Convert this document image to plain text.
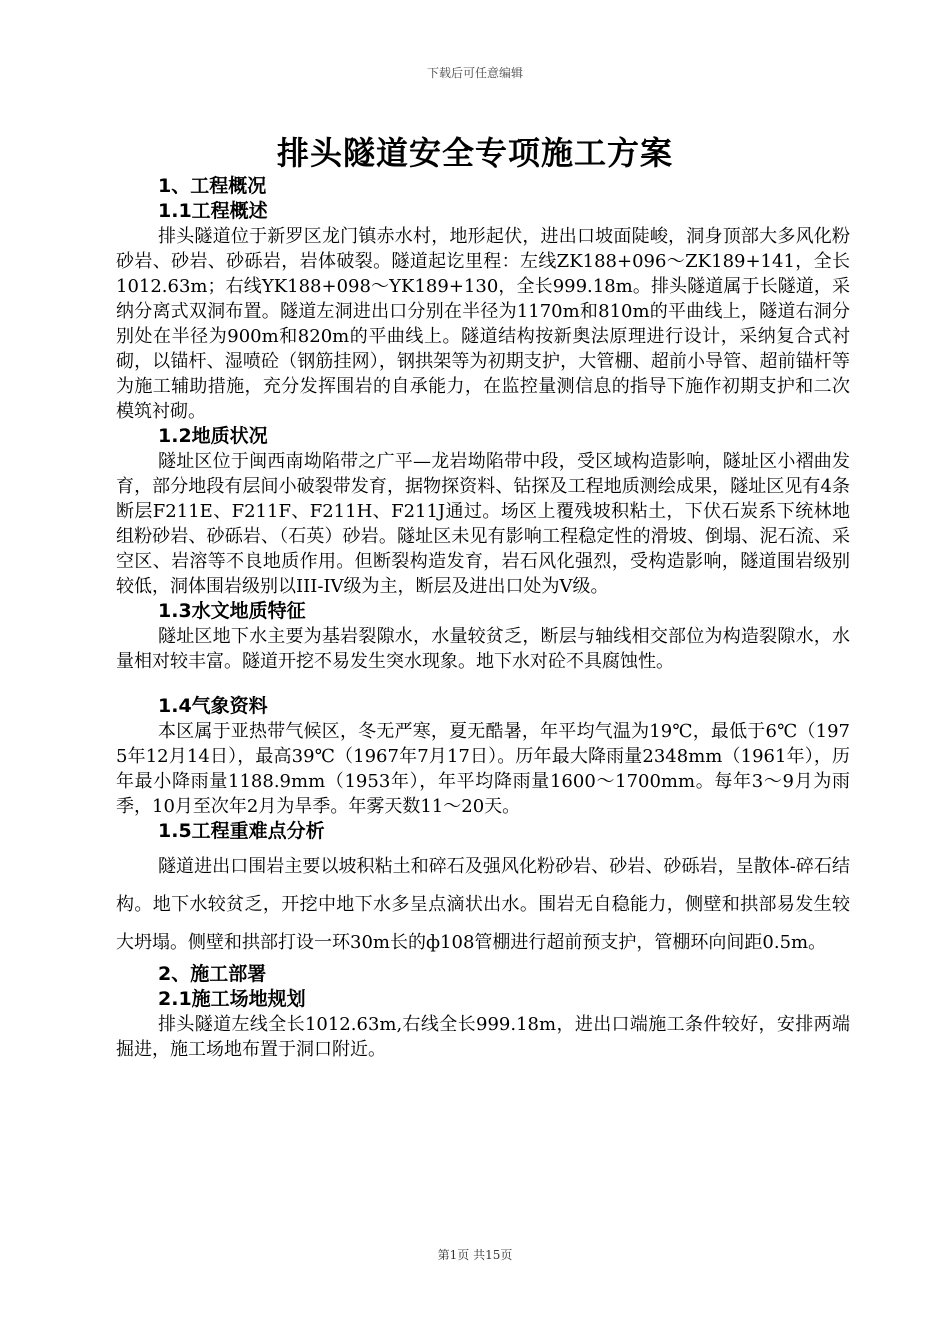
下载后可任意编辑
排头隧道安全专项施工方案

1、工程概况

1.1工程概述

排头隧道位于新罗区龙门镇赤水村，地形起伏，进出口坡面陡峻，洞身顶部大多风化粉砂岩、砂岩、砂砾岩，岩体破裂。隧道起讫里程：左线ZK188+096～ZK189+141，全长1012.63m；右线YK188+098～YK189+130，全长999.18m。排头隧道属于长隧道，采纳分离式双洞布置。隧道左洞进出口分别在半径为1170m和810m的平曲线上，隧道右洞分别处在半径为900m和820m的平曲线上。隧道结构按新奥法原理进行设计，采纳复合式衬砌，以锚杆、湿喷砼（钢筋挂网），钢拱架等为初期支护，大管棚、超前小导管、超前锚杆等为施工辅助措施，充分发挥围岩的自承能力，在监控量测信息的指导下施作初期支护和二次模筑衬砌。

1.2地质状况

隧址区位于闽西南坳陷带之广平—龙岩坳陷带中段，受区域构造影响，隧址区小褶曲发育，部分地段有层间小破裂带发育，据物探资料、钻探及工程地质测绘成果，隧址区见有4条断层F211E、F211F、F211H、F211J通过。场区上覆残坡积粘土，下伏石炭系下统林地组粉砂岩、砂砾岩、（石英）砂岩。隧址区未见有影响工程稳定性的滑坡、倒塌、泥石流、采空区、岩溶等不良地质作用。但断裂构造发育，岩石风化强烈，受构造影响，隧道围岩级别较低，洞体围岩级别以III-IV级为主，断层及进出口处为V级。

1.3水文地质特征

隧址区地下水主要为基岩裂隙水，水量较贫乏，断层与轴线相交部位为构造裂隙水，水量相对较丰富。隧道开挖不易发生突水现象。地下水对砼不具腐蚀性。

1.4气象资料

本区属于亚热带气候区，冬无严寒，夏无酷暑，年平均气温为19℃，最低于6℃（1975年12月14日），最高39℃（1967年7月17日）。历年最大降雨量2348mm（1961年），历年最小降雨量1188.9mm（1953年），年平均降雨量1600～1700mm。每年3～9月为雨季，10月至次年2月为旱季。年雾天数11～20天。

1.5工程重难点分析

隧道进出口围岩主要以坡积粘土和碎石及强风化粉砂岩、砂岩、砂砾岩，呈散体-碎石结构。地下水较贫乏，开挖中地下水多呈点滴状出水。围岩无自稳能力，侧壁和拱部易发生较大坍塌。侧壁和拱部打设一环30m长的ф108管棚进行超前预支护，管棚环向间距0.5m。

2、施工部署

2.1施工场地规划

排头隧道左线全长1012.63m,右线全长999.18m，进出口端施工条件较好，安排两端掘进，施工场地布置于洞口附近。

第1页 共15页
